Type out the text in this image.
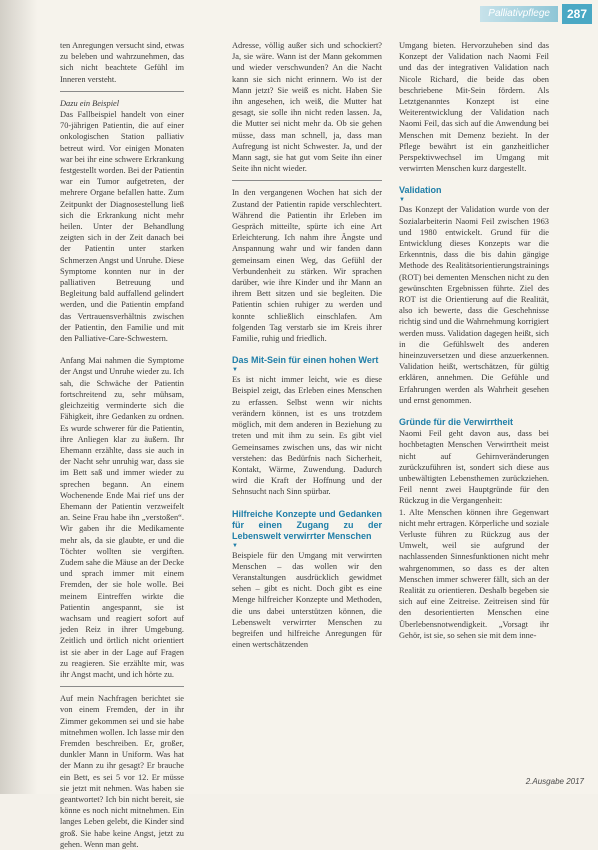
Palliativpflege	287

ten Anregungen versucht sind, etwas zu beleben und wahrzunehmen, das sich nicht beachtete Gefühl im Inneren versteht.

Dazu ein Beispiel

Das Fallbeispiel handelt von einer 70-jährigen Patientin, die auf einer onkologischen Station palliativ betreut wird. Vor einigen Monaten war bei ihr eine schwere Erkrankung festgestellt worden. Bei der Patientin war ein Tumor aufgetreten, der mehrere Organe befallen hatte. Zum Zeitpunkt der Diagnosestellung ließ sich die Erkrankung nicht mehr heilen. Unter der Behandlung zeigten sich in der Zeit danach bei der Patientin unter starken Schmerzen Angst und Unruhe. Diese Symptome konnten nur in der palliativen Betreuung und Begleitung bald auffallend gelindert werden, und die Patientin empfand das Vertrauensverhältnis zwischen der Patientin, den Familie und mit den Palliative-Care-Schwestern.

Anfang Mai nahmen die Symptome der Angst und Unruhe wieder zu. Ich sah, die Schwäche der Patientin fortschreitend zu, sehr mühsam, gleichzeitig verminderte sich die Fähigkeit, ihre Gedanken zu ordnen. Es wurde schwerer für die Patientin, ihre Anliegen klar zu äußern. Ihr Ehemann erzählte, dass sie auch in der Nacht sehr unruhig war, dass sie im Bett saß und immer wieder zu sprechen begann. An einem Wochenende Ende Mai rief uns der Ehemann der Patientin verzweifelt an. Seine Frau habe ihn „verstoßen“. Wir gaben ihr die Medikamente mehr als, da sie glaubte, er und die Töchter wollten sie vergiften. Zudem sahe die Mäuse an der Decke und sprach immer mit einem Fremden, der sie hole wolle. Bei meinem Eintreffen wirkte die Patientin angespannt, sie ist wachsam und reagiert sofort auf jeden Reiz in ihrer Umgebung. Zeitlich und örtlich nicht orientiert ist sie aber in der Lage auf Fragen zu reagieren. Sie erzählte mir, was ihr Angst macht, und ich hörte zu.

Auf mein Nachfragen berichtet sie von einem Fremden, der in ihr Zimmer gekommen sei und sie habe mitnehmen wollen. Ich lasse mir den Fremden beschreiben. Er, großer, dunkler Mann in Uniform. Was hat der Mann zu ihr gesagt? Er brauche ein Bett, es sei 5 vor 12. Er müsse sie jetzt mit nehmen. Was haben sie geantwortet? Ich bin nicht bereit, sie könne es noch nicht mitnehmen. Ein langes Leben gelebt, die Kinder sind groß. Sie habe keine Angst, jetzt zu gehen. Wenn man geht.

Adresse, völlig außer sich und schockiert? Ja, sie wäre. Wann ist der Mann gekommen und wieder verschwunden? An die Nacht kann sie sich nicht erinnern. Wo ist der Mann jetzt? Sie weiß es nicht. Haben Sie ihn angesehen, ich weiß, die Mutter hat gesagt, sie solle ihn nicht reden lassen. Ja, die Mutter sei nicht mehr da. Ob sie gehen müsse, dass man schnell, ja, dass man Aufregung ist nicht Schwester. Ja, und der Mann sagt, sie hat gut vom Seite ihn einer Seite ihn nicht wieder.

In den vergangenen Wochen hat sich der Zustand der Patientin rapide verschlechtert. Während die Patientin ihr Erleben im Gespräch mitteilte, spürte ich eine Art Erleichterung. Ich nahm ihre Ängste und Anspannung wahr und wir fanden dann gemeinsam einen Weg, das Gefühl der Verbundenheit zu stärken. Wir sprachen darüber, wie ihre Kinder und ihr Mann an ihrem Bett sitzen und sie begleiten. Die Patientin schien ruhiger zu werden und konnte schließlich einschlafen. Am folgenden Tag verstarb sie im Kreis ihrer Familie, ruhig und friedlich.

Das Mit-Sein für einen hohen Wert

▼

Es ist nicht immer leicht, wie es diese Beispiel zeigt, das Erleben eines Menschen zu erfassen. Selbst wenn wir nichts verändern können, ist es uns trotzdem möglich, mit dem anderen in Beziehung zu treten und mit ihm zu sein. Es gibt viel Gemeinsames zwischen uns, das wir nicht verstehen: das Bedürfnis nach Sicherheit, Kontakt, Wärme, Zuwendung. Dadurch wird die Kraft der Hoffnung und der Sehnsucht nach Sinn spürbar.

Hilfreiche Konzepte und Gedanken für einen Zugang zu der Lebenswelt verwirrter Menschen

▼

Beispiele für den Umgang mit verwirrten Menschen – das wollen wir den Veranstaltungen ausdrücklich gewidmet sehen – gibt es nicht. Doch gibt es eine Menge hilfreicher Konzepte und Methoden, die uns dabei unterstützen können, die Lebenswelt verwirrter Menschen zu begreifen und hilfreiche Anregungen für einen wertschätzenden

Umgang bieten. Hervorzuheben sind das Konzept der Validation nach Naomi Feil und das der integrativen Validation nach Nicole Richard, die beide das oben beschriebene Mit-Sein fördern. Als Letztgenanntes Konzept ist eine Weiterentwicklung der Validation nach Naomi Feil, das sich auf die Anwendung bei Menschen mit Demenz bezieht. In der Pflege bewährt ist ein ganzheitlicher Perspektivwechsel im Umgang mit verwirrten Menschen kurz dargestellt.

Validation

▼

Das Konzept der Validation wurde von der Sozialarbeiterin Naomi Feil zwischen 1963 und 1980 entwickelt. Grund für die Entwicklung dieses Konzepts war die Erkenntnis, dass die bis dahin gängige Methode des Realitätsorientierungstrainings (ROT) bei dementen Menschen nicht zu den gewünschten Ergebnissen führte. Ziel des ROT ist die Orientierung auf die Realität, also ich bewerte, dass die Geschehnisse richtig sind und die Wahrnehmung korrigiert werden muss. Validation dagegen heißt, sich in die Gefühlswelt des anderen hineinzuversetzen und diese anzuerkennen. Validation heißt, wertschätzen, für gültig erklären, annehmen. Die Gefühle und Erfahrungen werden als Wahrheit gesehen und ernst genommen.

Gründe für die Verwirrtheit

Naomi Feil geht davon aus, dass bei hochbetagten Menschen Verwirrtheit meist nicht auf Gehirnveränderungen zurückzuführen ist, sondert sich diese aus unbewältigten Lebensthemen zurückziehen. Feil nennt zwei Hauptgründe für den Rückzug in die Vergangenheit:

1. Alte Menschen können ihre Gegenwart nicht mehr ertragen. Körperliche und soziale Verluste führen zu Rückzug aus der Umwelt, weil sie aufgrund der nachlassenden Sinnesfunktionen nicht mehr wahrgenommen, so dass es der alten Menschen immer schwerer fällt, sich an der Realität zu orientieren. Deshalb begeben sie sich auf eine Zeitreise. Zeitreisen sind für den desorientierten Menschen eine Überlebensnotwendigkeit. „Vorsagt ihr Gehör, ist sie, so sehen sie mit dem inne-

2.Ausgabe 2017
